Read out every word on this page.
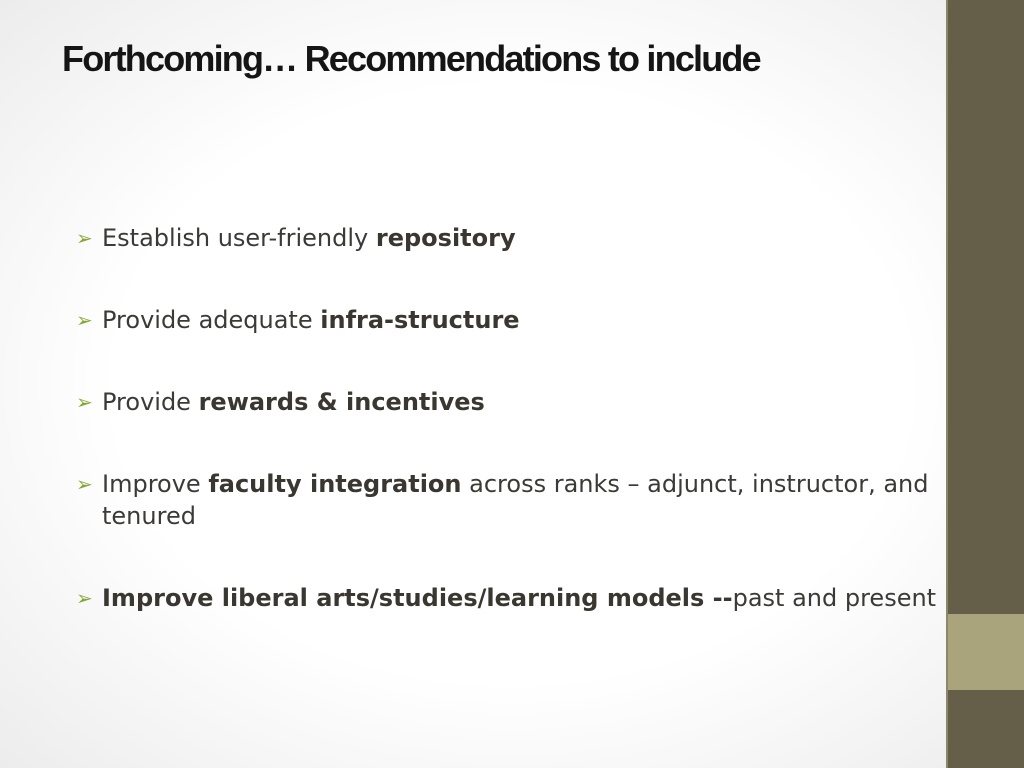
Forthcoming… Recommendations to include
➢ Establish user-friendly repository
➢ Provide adequate infra-structure
➢ Provide rewards & incentives
➢ Improve faculty integration across ranks – adjunct, instructor, and tenured
➢ Improve liberal arts/studies/learning models --past and present
